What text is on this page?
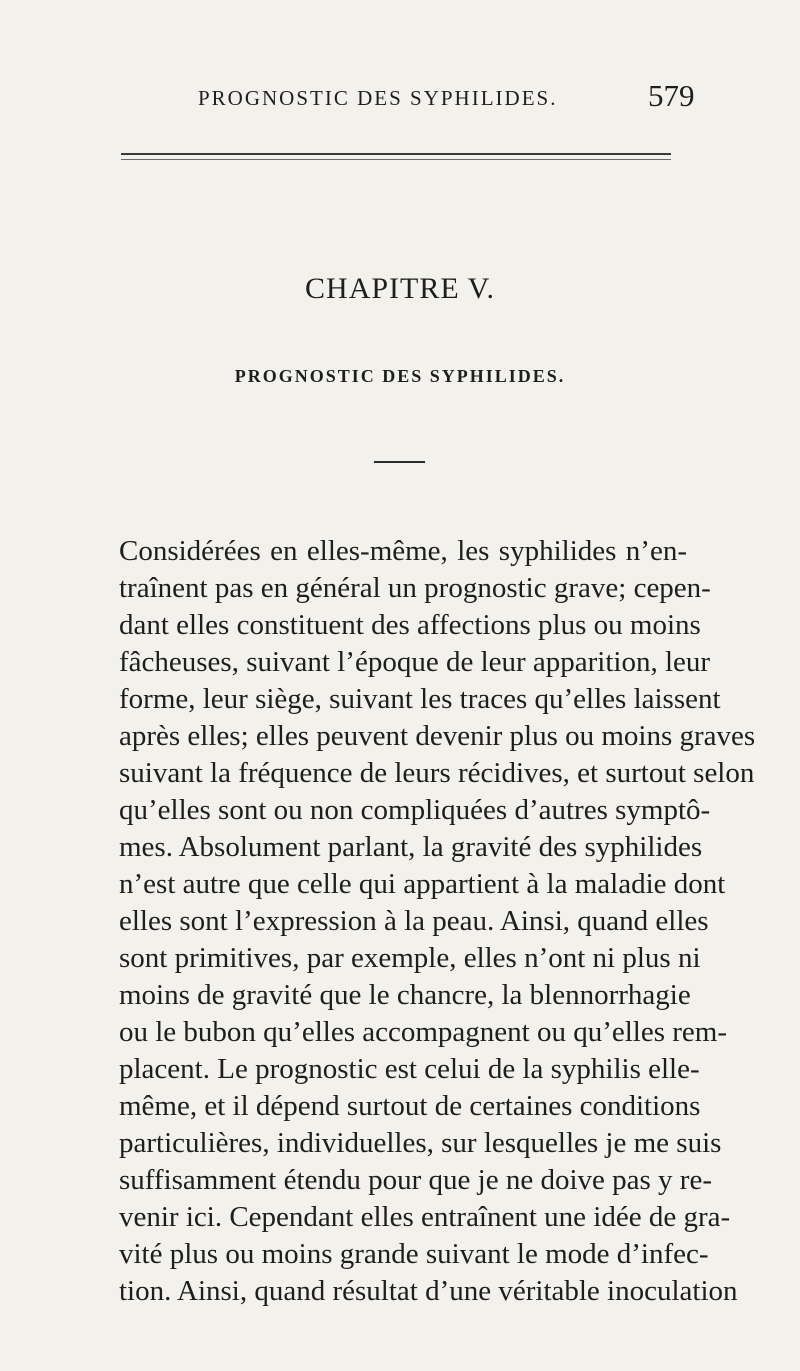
PROGNOSTIC DES SYPHILIDES.	579
CHAPITRE V.
PROGNOSTIC DES SYPHILIDES.
Considérées en elles-même, les syphilides n’en-
traînent pas en général un prognostic grave; cepen-
dant elles constituent des affections plus ou moins
fâcheuses, suivant l’époque de leur apparition, leur
forme, leur siège, suivant les traces qu’elles laissent
après elles; elles peuvent devenir plus ou moins graves
suivant la fréquence de leurs récidives, et surtout selon
qu’elles sont ou non compliquées d’autres symptô-
mes. Absolument parlant, la gravité des syphilides
n’est autre que celle qui appartient à la maladie dont
elles sont l’expression à la peau. Ainsi, quand elles
sont primitives, par exemple, elles n’ont ni plus ni
moins de gravité que le chancre, la blennorrhagie
ou le bubon qu’elles accompagnent ou qu’elles rem-
placent. Le prognostic est celui de la syphilis elle-
même, et il dépend surtout de certaines conditions
particulières, individuelles, sur lesquelles je me suis
suffisamment étendu pour que je ne doive pas y re-
venir ici. Cependant elles entraînent une idée de gra-
vité plus ou moins grande suivant le mode d’infec-
tion. Ainsi, quand résultat d’une véritable inoculation
